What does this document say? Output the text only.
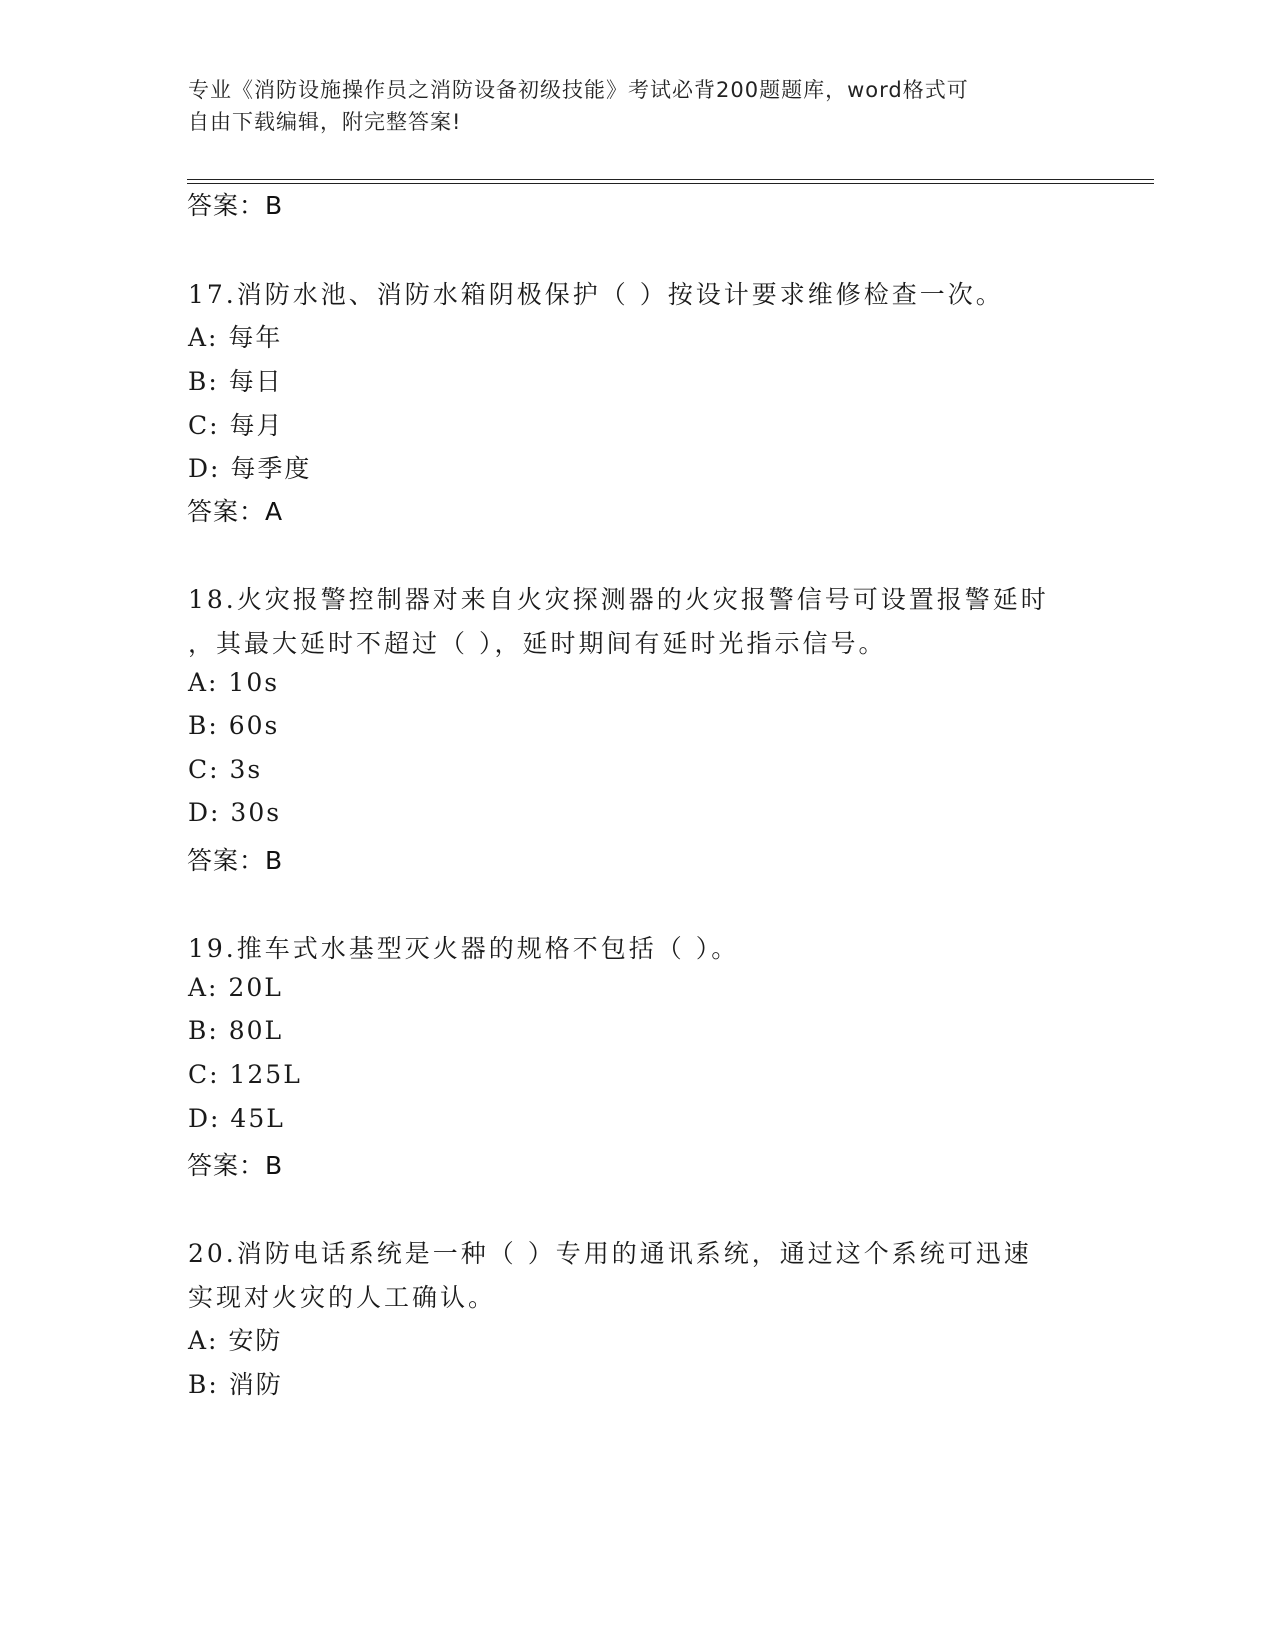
专业《消防设施操作员之消防设备初级技能》考试必背200题题库，word格式可
自由下载编辑，附完整答案!
答案：B
17.消防水池、消防水箱阴极保护（ ）按设计要求维修检查一次。
A: 每年
B: 每日
C: 每月
D: 每季度
答案：A
18.火灾报警控制器对来自火灾探测器的火灾报警信号可设置报警延时
，其最大延时不超过（ ），延时期间有延时光指示信号。
A: 10s
B: 60s
C: 3s
D: 30s
答案：B
19.推车式水基型灭火器的规格不包括（ ）。
A: 20L
B: 80L
C: 125L
D: 45L
答案：B
20.消防电话系统是一种（ ）专用的通讯系统，通过这个系统可迅速
实现对火灾的人工确认。
A: 安防
B: 消防
